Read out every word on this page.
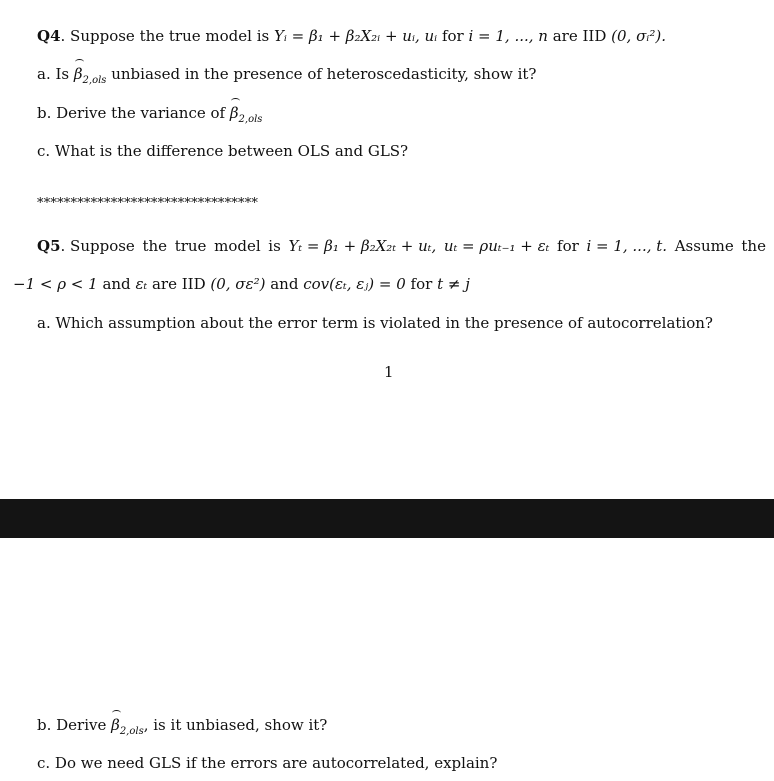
Q4. Suppose the true model is Yᵢ = β₁ + β₂X₂ᵢ + uᵢ, uᵢ for i = 1, ..., n are IID (0, σᵢ²).
a. Is $\beta_{2,ols}$ unbiased in the presence of heteroscedasticity, show it?
b. Derive the variance of $\beta_{2,ols}$
c. What is the difference between OLS and GLS?
*********************************
Q5. Suppose the true model is Yₜ = β₁ + β₂X₂ₜ + uₜ, uₜ = ρuₜ₋₁ + εₜ for i = 1, ..., t. Assume the
−1 < ρ < 1 and εₜ are IID (0, σε²) and cov(εₜ, εⱼ) = 0 for t ≠ j
a. Which assumption about the error term is violated in the presence of autocorrelation?
1
b. Derive $\beta_{2,ols}$, is it unbiased, show it?
c. Do we need GLS if the errors are autocorrelated, explain?
